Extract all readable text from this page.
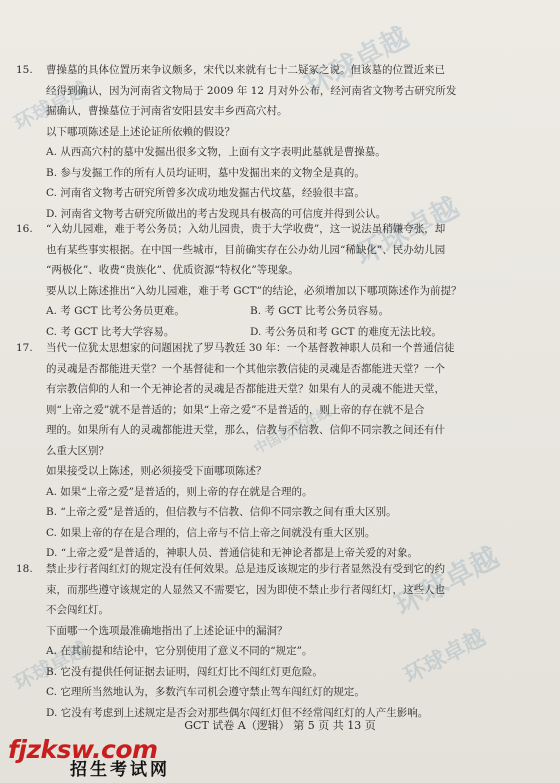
环球卓越
环球卓越
环球卓越
环球卓越
环球卓越
环球卓越
中国教育在线
15. 曹操墓的具体位置历来争议颇多，宋代以来就有七十二疑冢之说。但该墓的位置近来已
经得到确认，因为河南省文物局于 2009 年 12 月对外公布，经河南省文物考古研究所发
掘确认，曹操墓位于河南省安阳县安丰乡西高穴村。
以下哪项陈述是上述论证所依赖的假设？
A. 从西高穴村的墓中发掘出很多文物，上面有文字表明此墓就是曹操墓。
B. 参与发掘工作的所有人员均证明，墓中发掘出来的文物全是真的。
C. 河南省文物考古研究所曾多次成功地发掘古代坟墓，经验很丰富。
D. 河南省文物考古研究所做出的考古发现具有极高的可信度并得到公认。
16. “入幼儿园难，难于考公务员；入幼儿园贵，贵于大学收费”，这一说法虽稍嫌夸张，却
也有某些事实根据。在中国一些城市，目前确实存在公办幼儿园“稀缺化”、民办幼儿园
“两极化”、收费“贵族化”、优质资源“特权化”等现象。
要从以上陈述推出“入幼儿园难，难于考 GCT”的结论，必须增加以下哪项陈述作为前提？
A. 考 GCT 比考公务员更难。	B. 考 GCT 比考公务员容易。
C. 考 GCT 比考大学容易。	D. 考公务员和考 GCT 的难度无法比较。
17. 当代一位犹太思想家的问题困扰了罗马教廷 30 年：一个基督教神职人员和一个普通信徒
的灵魂是否都能进天堂？一个基督徒和一个其他宗教信徒的灵魂是否都能进天堂？一个
有宗教信仰的人和一个无神论者的灵魂是否都能进天堂？如果有人的灵魂不能进天堂，
则“上帝之爱”就不是普适的；如果“上帝之爱”不是普适的，则上帝的存在就不是合
理的。如果所有人的灵魂都能进天堂，那么，信教与不信教、信仰不同宗教之间还有什
么重大区别？
如果接受以上陈述，则必须接受下面哪项陈述？
A. 如果“上帝之爱”是普适的，则上帝的存在就是合理的。
B. “上帝之爱”是普适的，但信教与不信教、信仰不同宗教之间有重大区别。
C. 如果上帝的存在是合理的，信上帝与不信上帝之间就没有重大区别。
D. “上帝之爱”是普适的，神职人员、普通信徒和无神论者都是上帝关爱的对象。
18. 禁止步行者闯红灯的规定没有任何效果。总是违反该规定的步行者显然没有受到它的约
束，而那些遵守该规定的人显然又不需要它，因为即使不禁止步行者闯红灯，这些人也
不会闯红灯。
下面哪一个选项最准确地指出了上述论证中的漏洞？
A. 在其前提和结论中，它分别使用了意义不同的“规定”。
B. 它没有提供任何证据去证明，闯红灯比不闯红灯更危险。
C. 它理所当然地认为，多数汽车司机会遵守禁止驾车闯红灯的规定。
D. 它没有考虑到上述规定是否会对那些偶尔闯红灯但不经常闯红灯的人产生影响。
GCT 试卷 A（逻辑） 第 5 页 共 13 页
fjzksw.com
招生考试网
